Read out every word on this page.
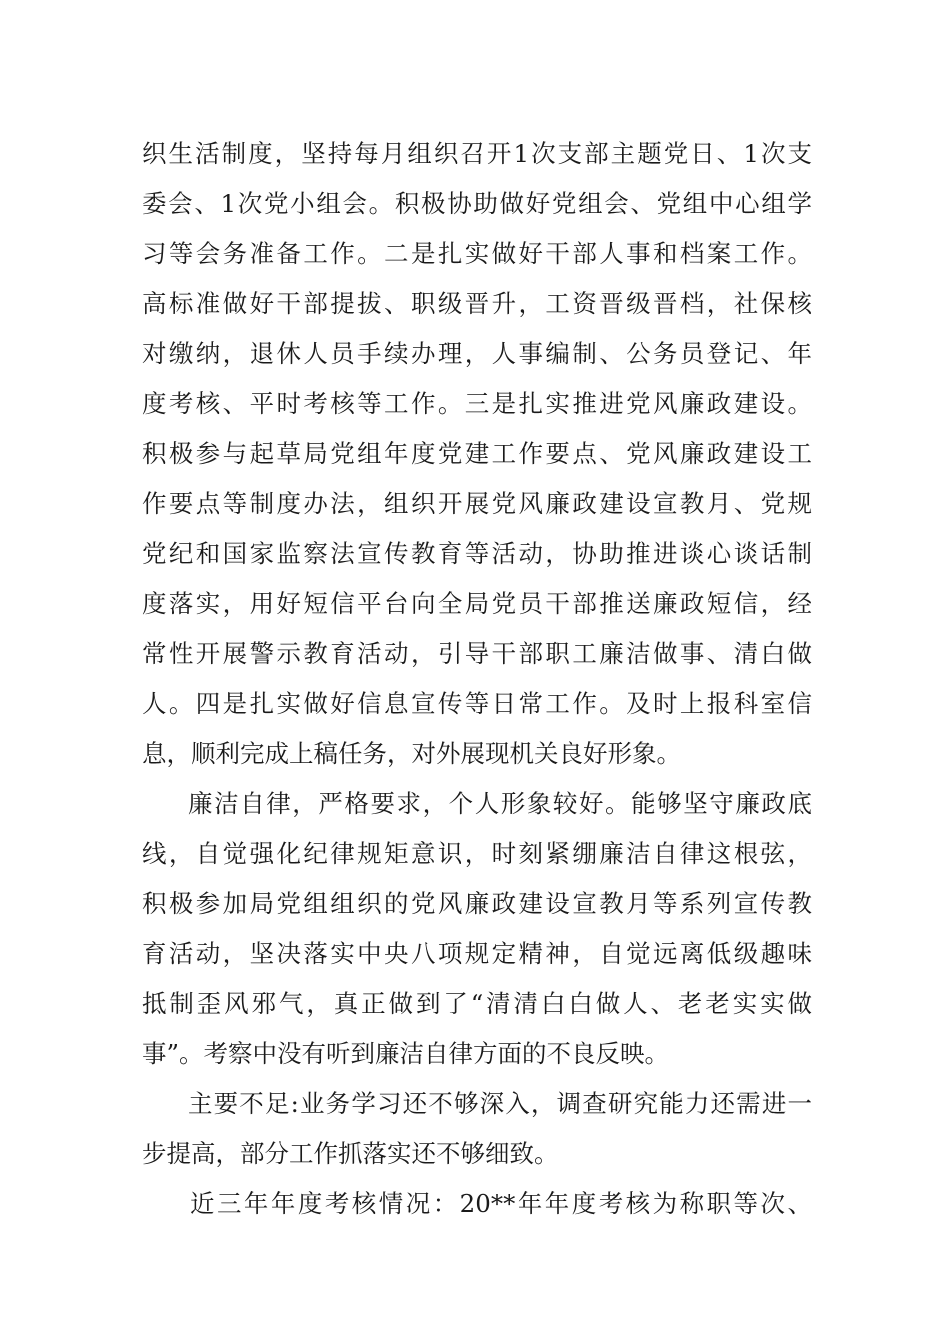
织生活制度，坚持每月组织召开1次支部主题党日、1次支
委会、1次党小组会。积极协助做好党组会、党组中心组学
习等会务准备工作。二是扎实做好干部人事和档案工作。
高标准做好干部提拔、职级晋升，工资晋级晋档，社保核
对缴纳，退休人员手续办理，人事编制、公务员登记、年
度考核、平时考核等工作。三是扎实推进党风廉政建设。
积极参与起草局党组年度党建工作要点、党风廉政建设工
作要点等制度办法，组织开展党风廉政建设宣教月、党规
党纪和国家监察法宣传教育等活动，协助推进谈心谈话制
度落实，用好短信平台向全局党员干部推送廉政短信，经
常性开展警示教育活动，引导干部职工廉洁做事、清白做
人。四是扎实做好信息宣传等日常工作。及时上报科室信
息，顺利完成上稿任务，对外展现机关良好形象。
廉洁自律，严格要求，个人形象较好。能够坚守廉政底
线，自觉强化纪律规矩意识，时刻紧绷廉洁自律这根弦，
积极参加局党组组织的党风廉政建设宣教月等系列宣传教
育活动，坚决落实中央八项规定精神，自觉远离低级趣味
抵制歪风邪气，真正做到了“清清白白做人、老老实实做
事”。考察中没有听到廉洁自律方面的不良反映。
主要不足:业务学习还不够深入，调查研究能力还需进一
步提高，部分工作抓落实还不够细致。
近三年年度考核情况：20**年年度考核为称职等次、
